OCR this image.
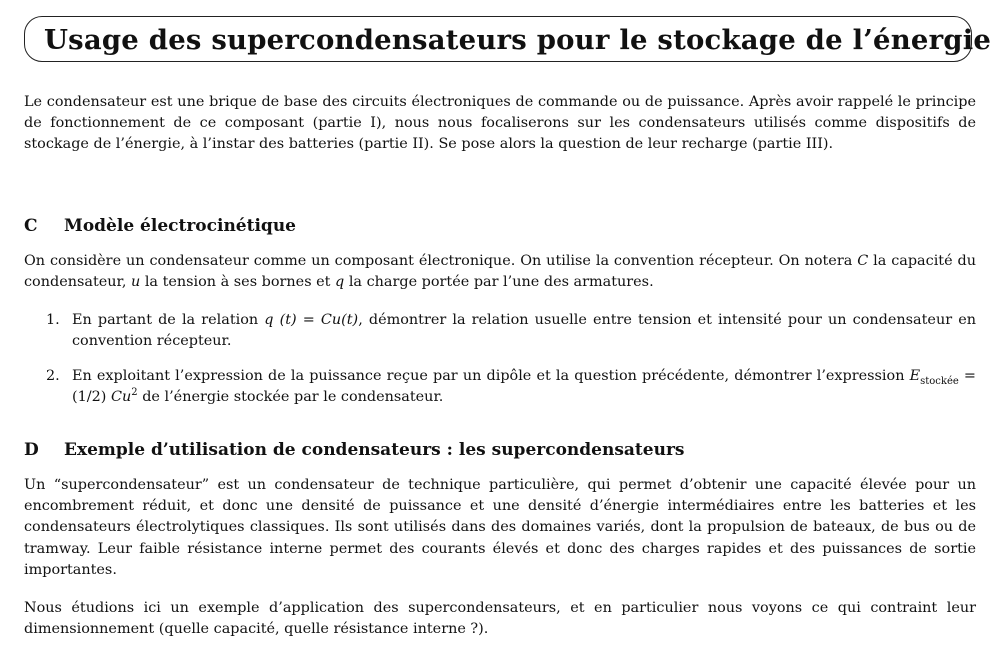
Usage des supercondensateurs pour le stockage de l’énergie
Le condensateur est une brique de base des circuits électroniques de commande ou de puissance. Après avoir rappelé le principe de fonctionnement de ce composant (partie I), nous nous focaliserons sur les condensateurs utilisés comme dispositifs de stockage de l’énergie, à l’instar des batteries (partie II). Se pose alors la question de leur recharge (partie III).
C Modèle électrocinétique
On considère un condensateur comme un composant électronique. On utilise la convention récepteur. On notera C la capacité du condensateur, u la tension à ses bornes et q la charge portée par l’une des armatures.
1. En partant de la relation q (t) = Cu(t), démontrer la relation usuelle entre tension et intensité pour un condensateur en convention récepteur.
2. En exploitant l’expression de la puissance reçue par un dipôle et la question précédente, démontrer l’expression $E_{stockée} = (1/2)$ Cu$^2$ de l’énergie stockée par le condensateur.
D Exemple d’utilisation de condensateurs : les supercondensateurs
Un “supercondensateur” est un condensateur de technique particulière, qui permet d’obtenir une capacité élevée pour un encombrement réduit, et donc une densité de puissance et une densité d’énergie intermédiaires entre les batteries et les condensateurs électrolytiques classiques. Ils sont utilisés dans des domaines variés, dont la propulsion de bateaux, de bus ou de tramway. Leur faible résistance interne permet des courants élevés et donc des charges rapides et des puissances de sortie importantes.
Nous étudions ici un exemple d’application des supercondensateurs, et en particulier nous voyons ce qui contraint leur dimensionnement (quelle capacité, quelle résistance interne ?).
